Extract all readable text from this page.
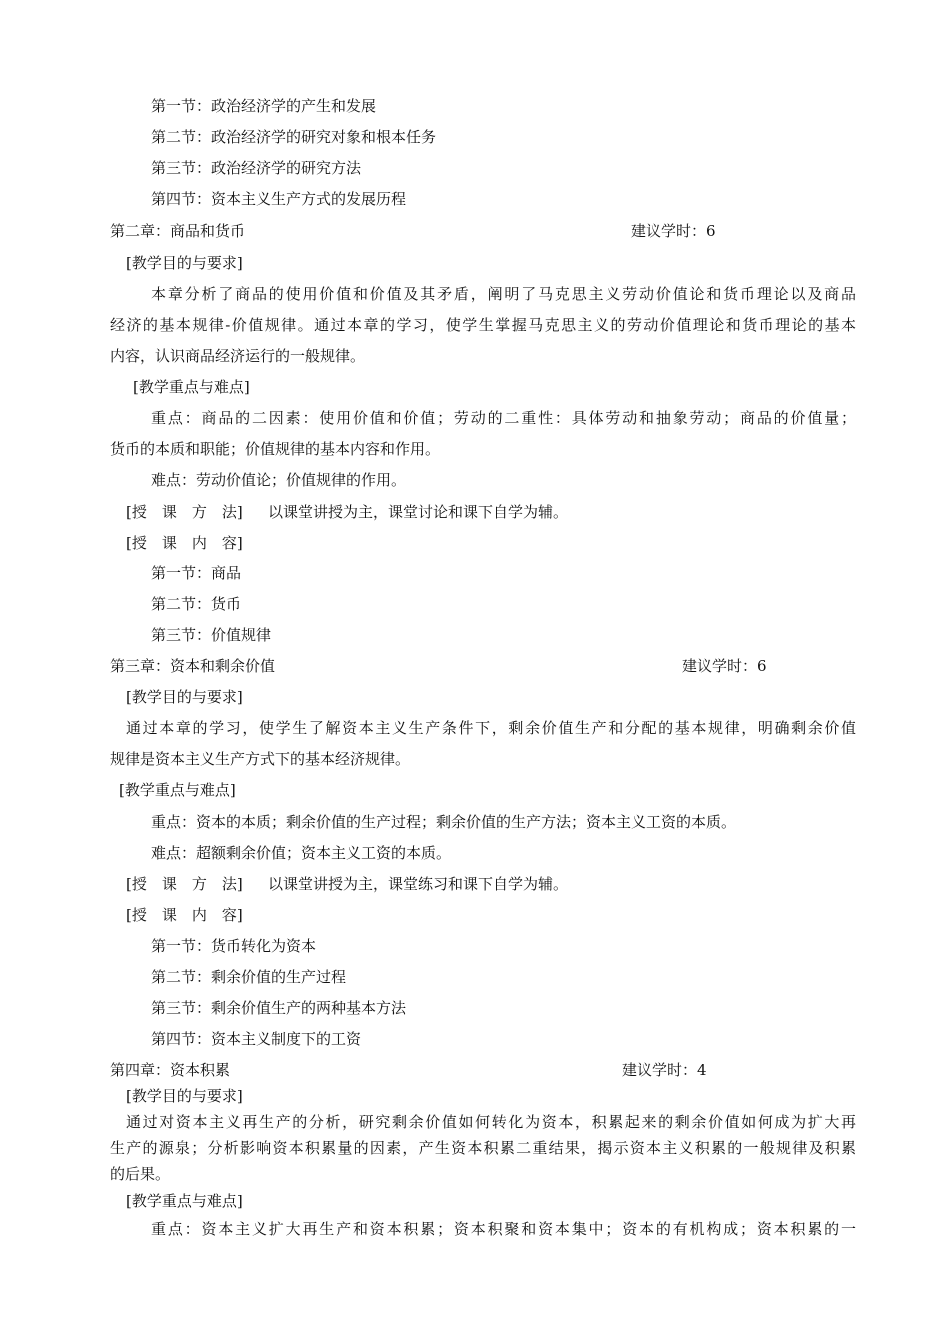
第一节：政治经济学的产生和发展
第二节：政治经济学的研究对象和根本任务
第三节：政治经济学的研究方法
第四节：资本主义生产方式的发展历程
第二章：商品和货币	建议学时：6
[教学目的与要求]
本章分析了商品的使用价值和价值及其矛盾，阐明了马克思主义劳动价值论和货币理论以及商品
经济的基本规律-价值规律。通过本章的学习，使学生掌握马克思主义的劳动价值理论和货币理论的基本
内容，认识商品经济运行的一般规律。
[教学重点与难点]
重点：商品的二因素：使用价值和价值；劳动的二重性：具体劳动和抽象劳动；商品的价值量；
货币的本质和职能；价值规律的基本内容和作用。
难点：劳动价值论；价值规律的作用。
[授　课　方　法] 以课堂讲授为主，课堂讨论和课下自学为辅。
[授　课　内　容]
第一节：商品
第二节：货币
第三节：价值规律
第三章：资本和剩余价值	建议学时：6
[教学目的与要求]
通过本章的学习，使学生了解资本主义生产条件下，剩余价值生产和分配的基本规律，明确剩余价值
规律是资本主义生产方式下的基本经济规律。
[教学重点与难点]
重点：资本的本质；剩余价值的生产过程；剩余价值的生产方法；资本主义工资的本质。
难点：超额剩余价值；资本主义工资的本质。
[授　课　方　法] 以课堂讲授为主，课堂练习和课下自学为辅。
[授　课　内　容]
第一节：货币转化为资本
第二节：剩余价值的生产过程
第三节：剩余价值生产的两种基本方法
第四节：资本主义制度下的工资
第四章：资本积累	建议学时：4
[教学目的与要求]
通过对资本主义再生产的分析，研究剩余价值如何转化为资本，积累起来的剩余价值如何成为扩大再
生产的源泉；分析影响资本积累量的因素，产生资本积累二重结果，揭示资本主义积累的一般规律及积累
的后果。
[教学重点与难点]
重点：资本主义扩大再生产和资本积累；资本积聚和资本集中；资本的有机构成；资本积累的一
